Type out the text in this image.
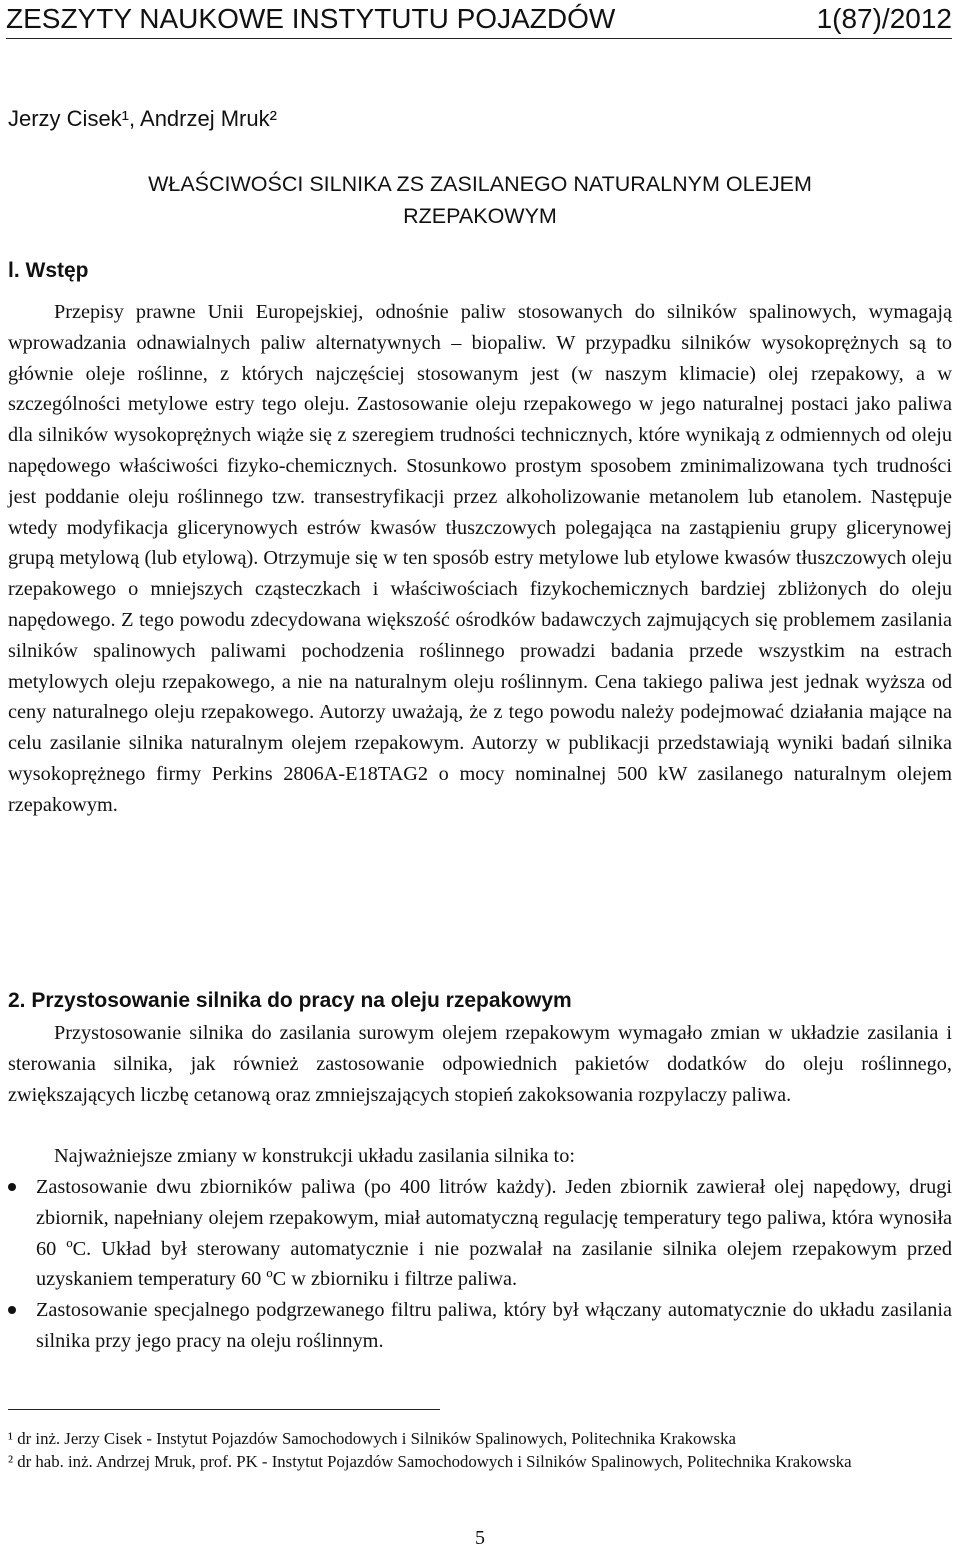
ZESZYTY NAUKOWE INSTYTUTU POJAZDÓW	1(87)/2012
Jerzy Cisek¹, Andrzej Mruk²
WŁAŚCIWOŚCI SILNIKA ZS ZASILANEGO NATURALNYM OLEJEM
RZEPAKOWYM
l. Wstęp

Przepisy prawne Unii Europejskiej, odnośnie paliw stosowanych do silników spalinowych, wymagają wprowadzania odnawialnych paliw alternatywnych – biopaliw. W przypadku silników wysokoprężnych są to głównie oleje roślinne, z których najczęściej stosowanym jest (w naszym klimacie) olej rzepakowy, a w szczególności metylowe estry tego oleju. Zastosowanie oleju rzepakowego w jego naturalnej postaci jako paliwa dla silników wysokoprężnych wiąże się z szeregiem trudności technicznych, które wynikają z odmiennych od oleju napędowego właściwości fizyko-chemicznych. Stosunkowo prostym sposobem zminimalizowana tych trudności jest poddanie oleju roślinnego tzw. transestryfikacji przez alkoholizowanie metanolem lub etanolem. Następuje wtedy modyfikacja glicerynowych estrów kwasów tłuszczowych polegająca na zastąpieniu grupy glicerynowej grupą metylową (lub etylową). Otrzymuje się w ten sposób estry metylowe lub etylowe kwasów tłuszczowych oleju rzepakowego o mniejszych cząsteczkach i właściwościach fizykochemicznych bardziej zbliżonych do oleju napędowego. Z tego powodu zdecydowana większość ośrodków badawczych zajmujących się problemem zasilania silników spalinowych paliwami pochodzenia roślinnego prowadzi badania przede wszystkim na estrach metylowych oleju rzepakowego, a nie na naturalnym oleju roślinnym. Cena takiego paliwa jest jednak wyższa od ceny naturalnego oleju rzepakowego. Autorzy uważają, że z tego powodu należy podejmować działania mające na celu zasilanie silnika naturalnym olejem rzepakowym. Autorzy w publikacji przedstawiają wyniki badań silnika wysokoprężnego firmy Perkins 2806A-E18TAG2 o mocy nominalnej 500 kW zasilanego naturalnym olejem rzepakowym.

2. Przystosowanie silnika do pracy na oleju rzepakowym

Przystosowanie silnika do zasilania surowym olejem rzepakowym wymagało zmian w układzie zasilania i sterowania silnika, jak również zastosowanie odpowiednich pakietów dodatków do oleju roślinnego, zwiększających liczbę cetanową oraz zmniejszających stopień zakoksowania rozpylaczy paliwa.

Najważniejsze zmiany w konstrukcji układu zasilania silnika to:

Zastosowanie dwu zbiorników paliwa (po 400 litrów każdy). Jeden zbiornik zawierał olej napędowy, drugi zbiornik, napełniany olejem rzepakowym, miał automatyczną regulację temperatury tego paliwa, która wynosiła 60 ºC. Układ był sterowany automatycznie i nie pozwalał na zasilanie silnika olejem rzepakowym przed uzyskaniem temperatury 60 ºC w zbiorniku i filtrze paliwa.
Zastosowanie specjalnego podgrzewanego filtru paliwa, który był włączany automatycznie do układu zasilania silnika przy jego pracy na oleju roślinnym.

¹ dr inż. Jerzy Cisek - Instytut Pojazdów Samochodowych i Silników Spalinowych, Politechnika Krakowska

² dr hab. inż. Andrzej Mruk, prof. PK - Instytut Pojazdów Samochodowych i Silników Spalinowych, Politechnika Krakowska

5
